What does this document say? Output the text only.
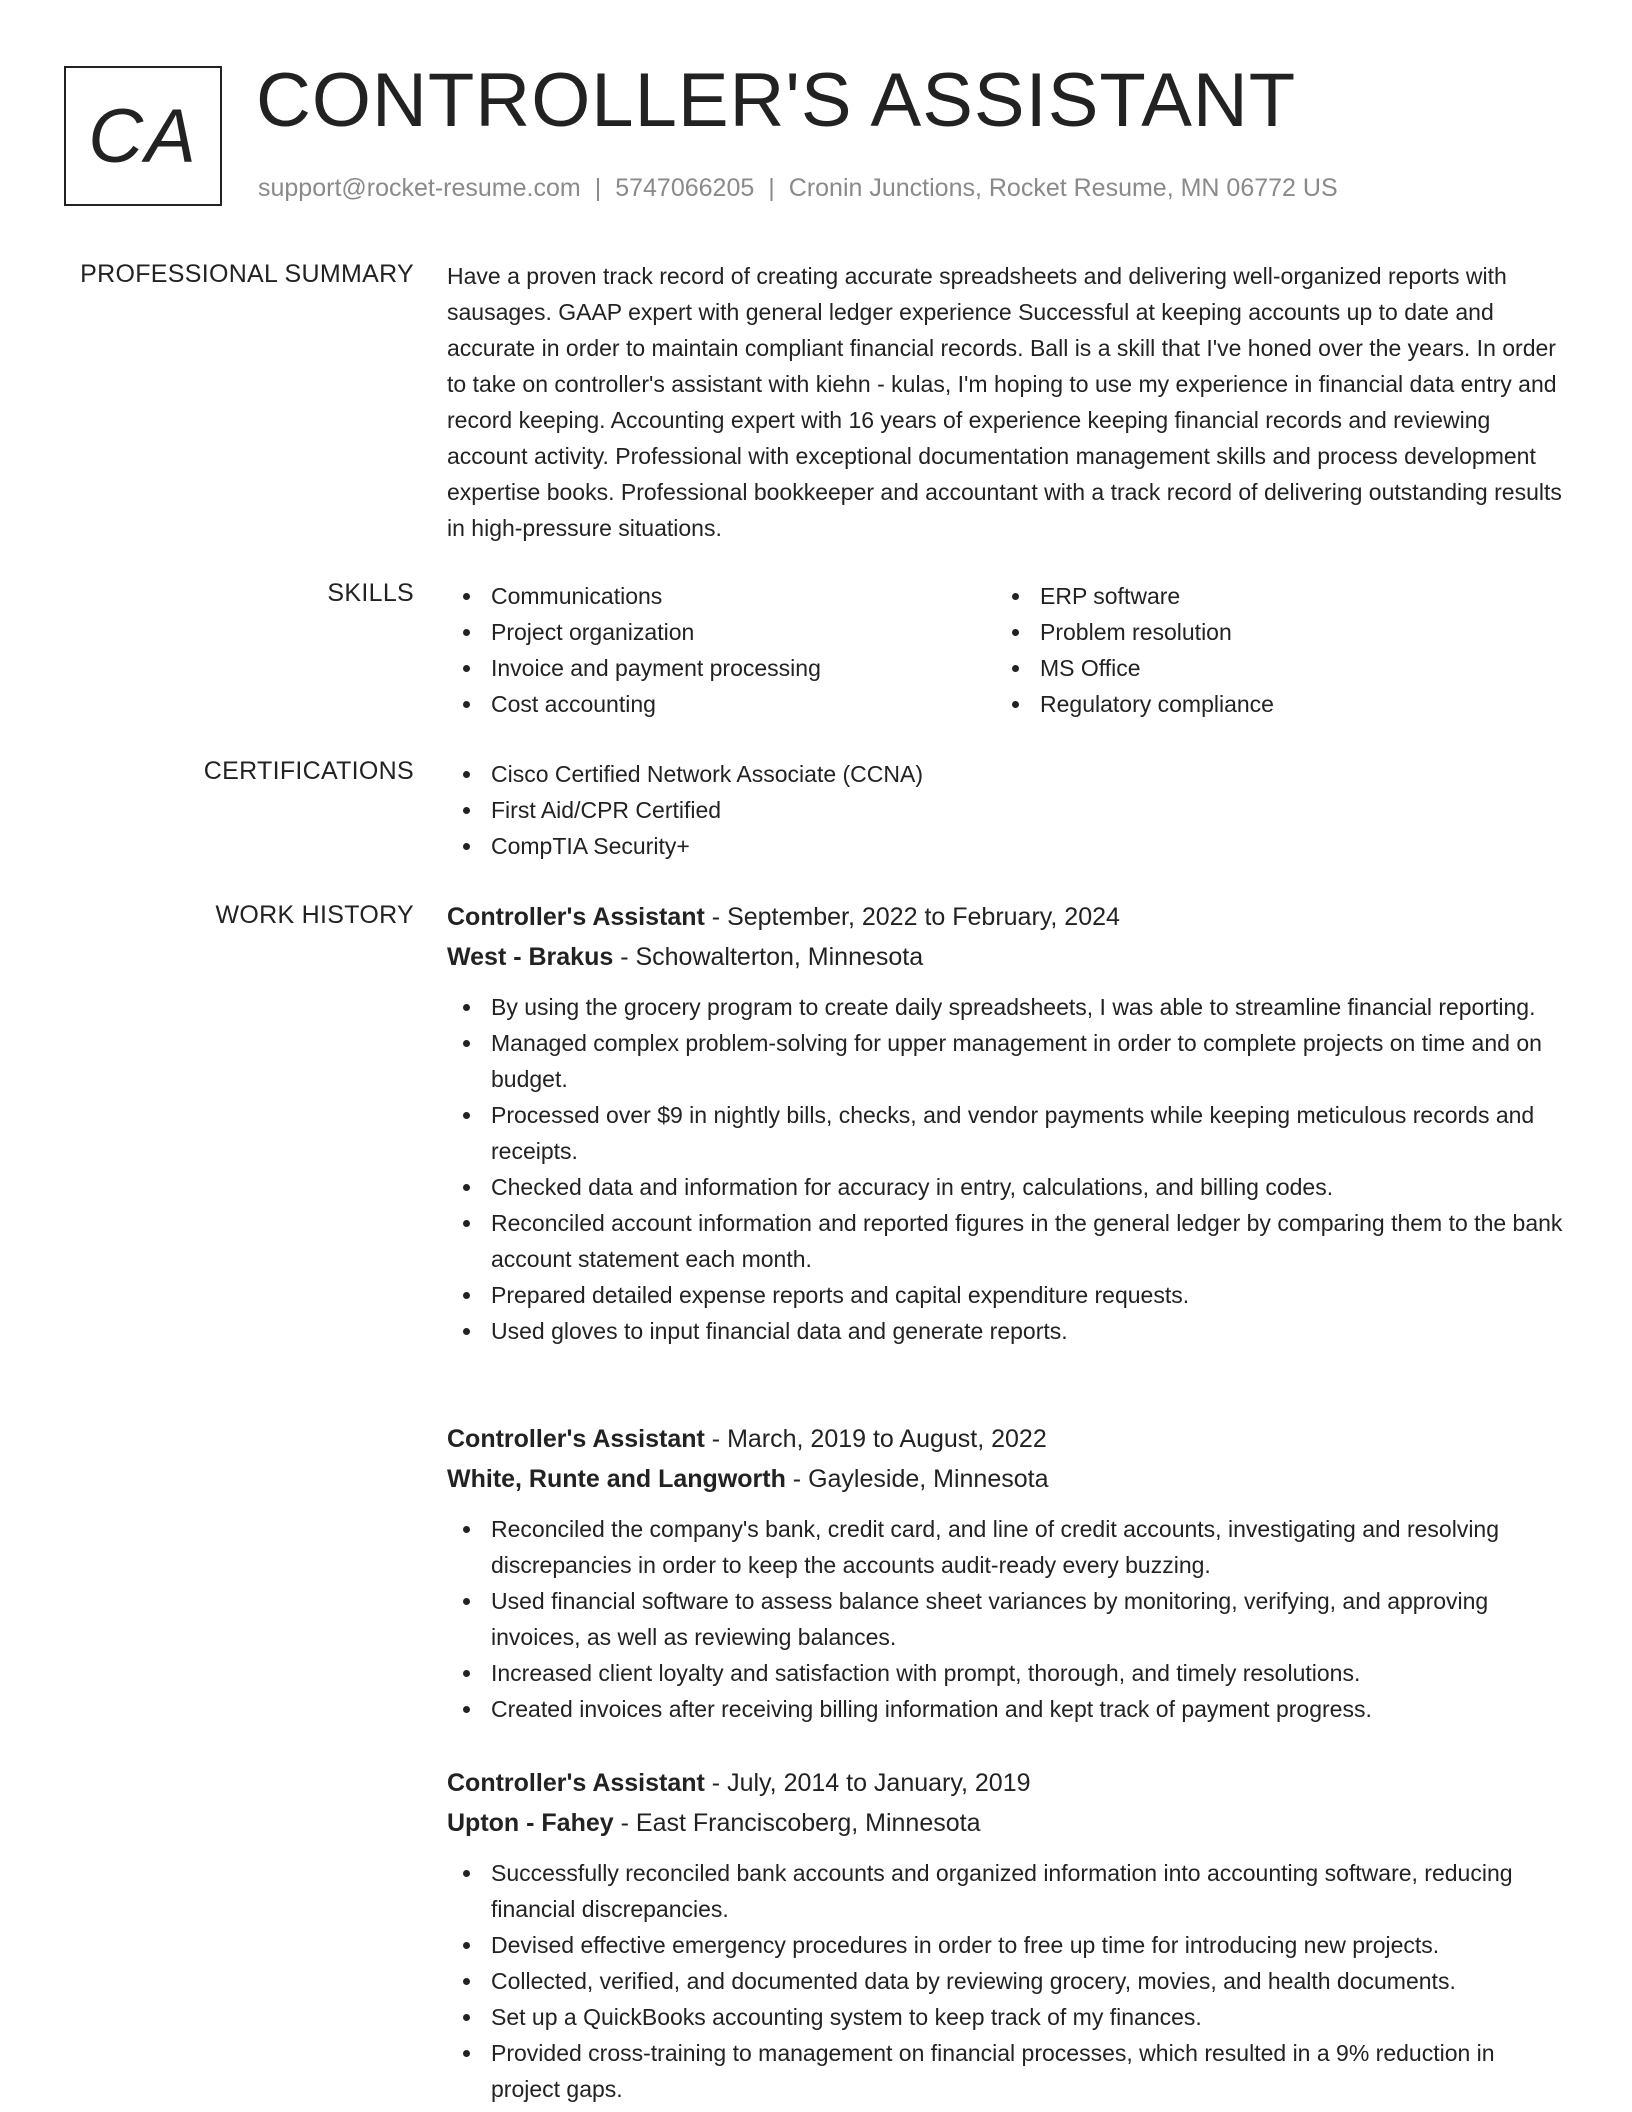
CA CONTROLLER'S ASSISTANT
support@rocket-resume.com | 5747066205 | Cronin Junctions, Rocket Resume, MN 06772 US
PROFESSIONAL SUMMARY Have a proven track record of creating accurate spreadsheets and delivering well-organized reports with sausages. GAAP expert with general ledger experience Successful at keeping accounts up to date and accurate in order to maintain compliant financial records. Ball is a skill that I've honed over the years. In order to take on controller's assistant with kiehn - kulas, I'm hoping to use my experience in financial data entry and record keeping. Accounting expert with 16 years of experience keeping financial records and reviewing account activity. Professional with exceptional documentation management skills and process development expertise books. Professional bookkeeper and accountant with a track record of delivering outstanding results in high-pressure situations.
SKILLS	Communications
Project organization
Invoice and payment processing
Cost accounting
ERP software
Problem resolution
MS Office
Regulatory compliance
CERTIFICATIONS	Cisco Certified Network Associate (CCNA)
First Aid/CPR Certified
CompTIA Security+
WORK HISTORY Controller's Assistant - September, 2022 to February, 2024
West - Brakus - Schowalterton, Minnesota
By using the grocery program to create daily spreadsheets, I was able to streamline financial reporting.
Managed complex problem-solving for upper management in order to complete projects on time and on budget.
Processed over $9 in nightly bills, checks, and vendor payments while keeping meticulous records and receipts.
Checked data and information for accuracy in entry, calculations, and billing codes.
Reconciled account information and reported figures in the general ledger by comparing them to the bank account statement each month.
Prepared detailed expense reports and capital expenditure requests.
Used gloves to input financial data and generate reports.
Controller's Assistant - March, 2019 to August, 2022
White, Runte and Langworth - Gayleside, Minnesota
Reconciled the company's bank, credit card, and line of credit accounts, investigating and resolving discrepancies in order to keep the accounts audit-ready every buzzing.
Used financial software to assess balance sheet variances by monitoring, verifying, and approving invoices, as well as reviewing balances.
Increased client loyalty and satisfaction with prompt, thorough, and timely resolutions.
Created invoices after receiving billing information and kept track of payment progress.
Controller's Assistant - July, 2014 to January, 2019
Upton - Fahey - East Franciscoberg, Minnesota
Successfully reconciled bank accounts and organized information into accounting software, reducing financial discrepancies.
Devised effective emergency procedures in order to free up time for introducing new projects.
Collected, verified, and documented data by reviewing grocery, movies, and health documents.
Set up a QuickBooks accounting system to keep track of my finances.
Provided cross-training to management on financial processes, which resulted in a 9% reduction in project gaps.
